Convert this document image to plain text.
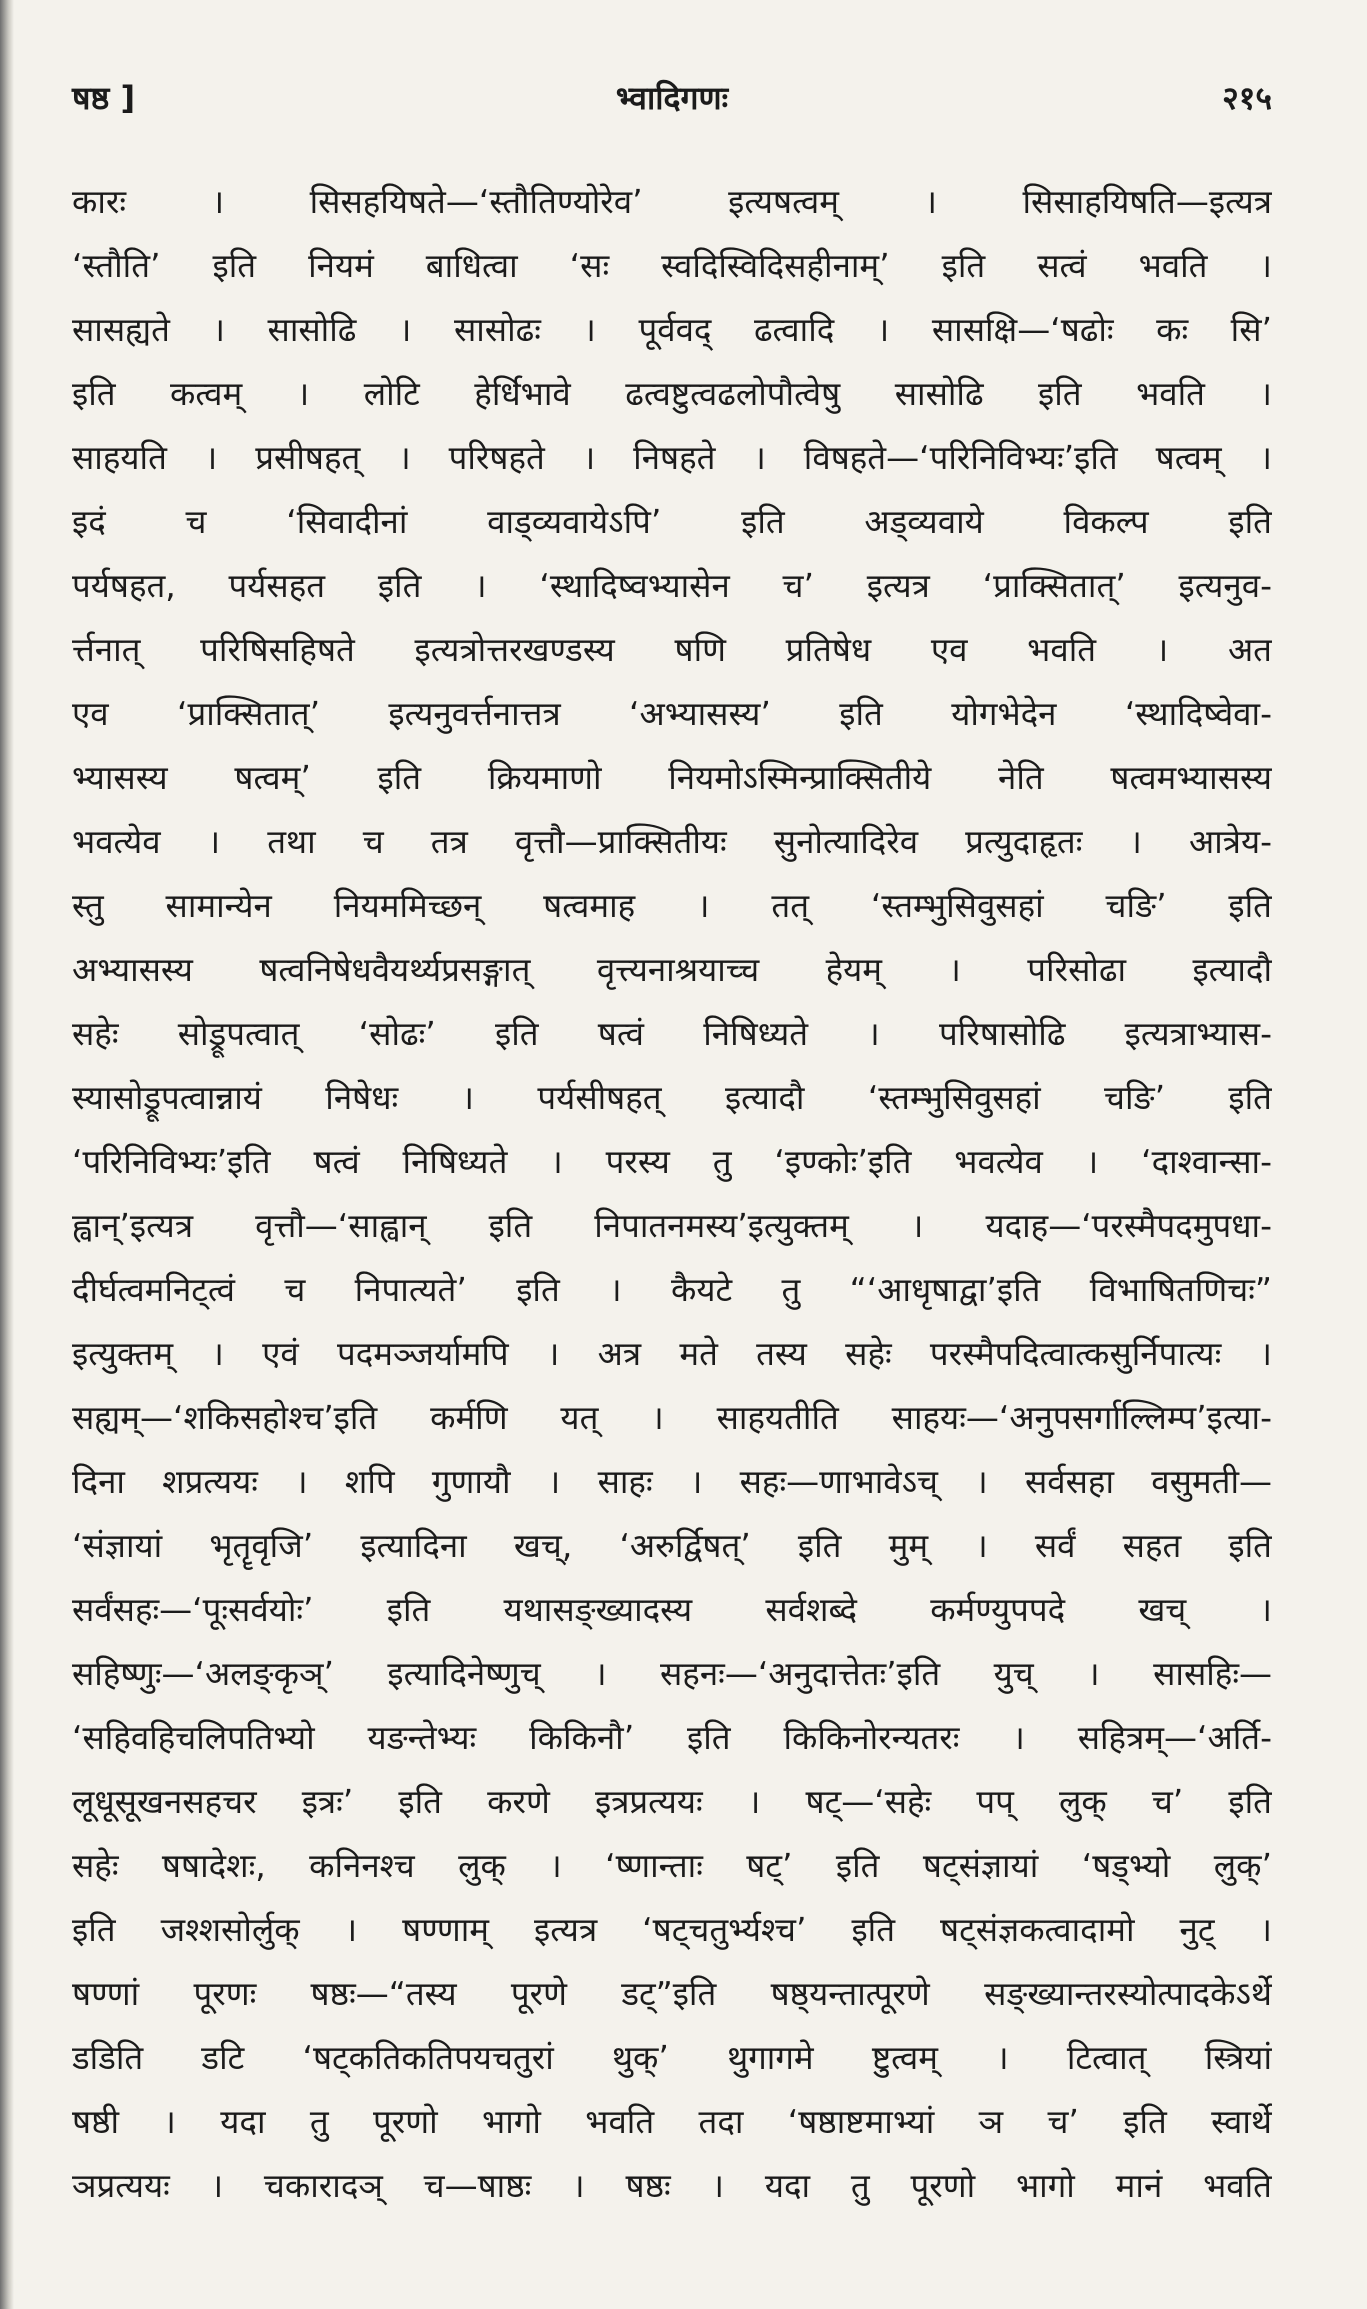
षष्ठ ]	भ्वादिगणः	२१५
कारः । सिसहयिषते—‘स्तौतिण्योरेव’ इत्यषत्वम् । सिसाहयिषति—इत्यत्र
‘स्तौति’ इति नियमं बाधित्वा ‘सः स्वदिस्विदिसहीनाम्’ इति सत्वं भवति ।
सासह्यते । सासोढि । सासोढः । पूर्ववद् ढत्वादि । सासक्षि—‘षढोः कः सि’
इति कत्वम् । लोटि हेर्धिभावे ढत्वष्टुत्वढलोपौत्वेषु सासोढि इति भवति ।
साहयति । प्रसीषहत् । परिषहते । निषहते । विषहते—‘परिनिविभ्यः’इति षत्वम् ।
इदं च ‘सिवादीनां वाड्व्यवायेऽपि’ इति अड्व्यवाये विकल्प इति
पर्यषहत, पर्यसहत इति । ‘स्थादिष्वभ्यासेन च’ इत्यत्र ‘प्राक्सितात्’ इत्यनुव-
र्त्तनात् परिषिसहिषते इत्यत्रोत्तरखण्डस्य षणि प्रतिषेध एव भवति । अत
एव ‘प्राक्सितात्’ इत्यनुवर्त्तनात्तत्र ‘अभ्यासस्य’ इति योगभेदेन ‘स्थादिष्वेवा-
भ्यासस्य षत्वम्’ इति क्रियमाणो नियमोऽस्मिन्प्राक्सितीये नेति षत्वमभ्यासस्य
भवत्येव । तथा च तत्र वृत्तौ—प्राक्सितीयः सुनोत्यादिरेव प्रत्युदाहृतः । आत्रेय-
स्तु सामान्येन नियममिच्छन् षत्वमाह । तत् ‘स्तम्भुसिवुसहां चङि’ इति
अभ्यासस्य षत्वनिषेधवैयर्थ्यप्रसङ्गात् वृत्त्यनाश्रयाच्च हेयम् । परिसोढा इत्यादौ
सहेः सोड्रूपत्वात् ‘सोढः’ इति षत्वं निषिध्यते । परिषासोढि इत्यत्राभ्यास-
स्यासोड्रूपत्वान्नायं निषेधः । पर्यसीषहत् इत्यादौ ‘स्तम्भुसिवुसहां चङि’ इति
‘परिनिविभ्यः’इति षत्वं निषिध्यते । परस्य तु ‘इण्कोः’इति भवत्येव । ‘दाश्वान्सा-
ह्वान्’इत्यत्र वृत्तौ—‘साह्वान् इति निपातनमस्य’इत्युक्तम् । यदाह—‘परस्मैपदमुपधा-
दीर्घत्वमनिट्त्वं च निपात्यते’ इति । कैयटे तु “‘आधृषाद्वा’इति विभाषितणिचः”
इत्युक्तम् । एवं पदमञ्जर्यामपि । अत्र मते तस्य सहेः परस्मैपदित्वात्कसुर्निपात्यः ।
सह्यम्—‘शकिसहोश्च’इति कर्मणि यत् । साहयतीति साहयः—‘अनुपसर्गाल्लिम्प’इत्या-
दिना शप्रत्ययः । शपि गुणायौ । साहः । सहः—णाभावेऽच् । सर्वसहा वसुमती—
‘संज्ञायां भृतॄवृजि’ इत्यादिना खच्, ‘अरुर्द्विषत्’ इति मुम् । सर्वं सहत इति
सर्वंसहः—‘पूःसर्वयोः’ इति यथासङ्ख्यादस्य सर्वशब्दे कर्मण्युपपदे खच् ।
सहिष्णुः—‘अलङ्कृञ्’ इत्यादिनेष्णुच् । सहनः—‘अनुदात्तेतः’इति युच् । सासहिः—
‘सहिवहिचलिपतिभ्यो यङन्तेभ्यः किकिनौ’ इति किकिनोरन्यतरः । सहित्रम्—‘अर्ति-
लूधूसूखनसहचर इत्रः’ इति करणे इत्रप्रत्ययः । षट्—‘सहेः पप् लुक् च’ इति
सहेः षषादेशः, कनिनश्च लुक् । ‘ष्णान्ताः षट्’ इति षट्संज्ञायां ‘षड्भ्यो लुक्’
इति जश्शसोर्लुक् । षण्णाम् इत्यत्र ‘षट्चतुर्भ्यश्च’ इति षट्संज्ञकत्वादामो नुट् ।
षण्णां पूरणः षष्ठः—“तस्य पूरणे डट्”इति षष्ठ्यन्तात्पूरणे सङ्ख्यान्तरस्योत्पादकेऽर्थे
डडिति डटि ‘षट्कतिकतिपयचतुरां थुक्’ थुगागमे ष्टुत्वम् । टित्वात् स्त्रियां
षष्ठी । यदा तु पूरणो भागो भवति तदा ‘षष्ठाष्टमाभ्यां ञ च’ इति स्वार्थे
ञप्रत्ययः । चकारादञ् च—षाष्ठः । षष्ठः । यदा तु पूरणो भागो मानं भवति
